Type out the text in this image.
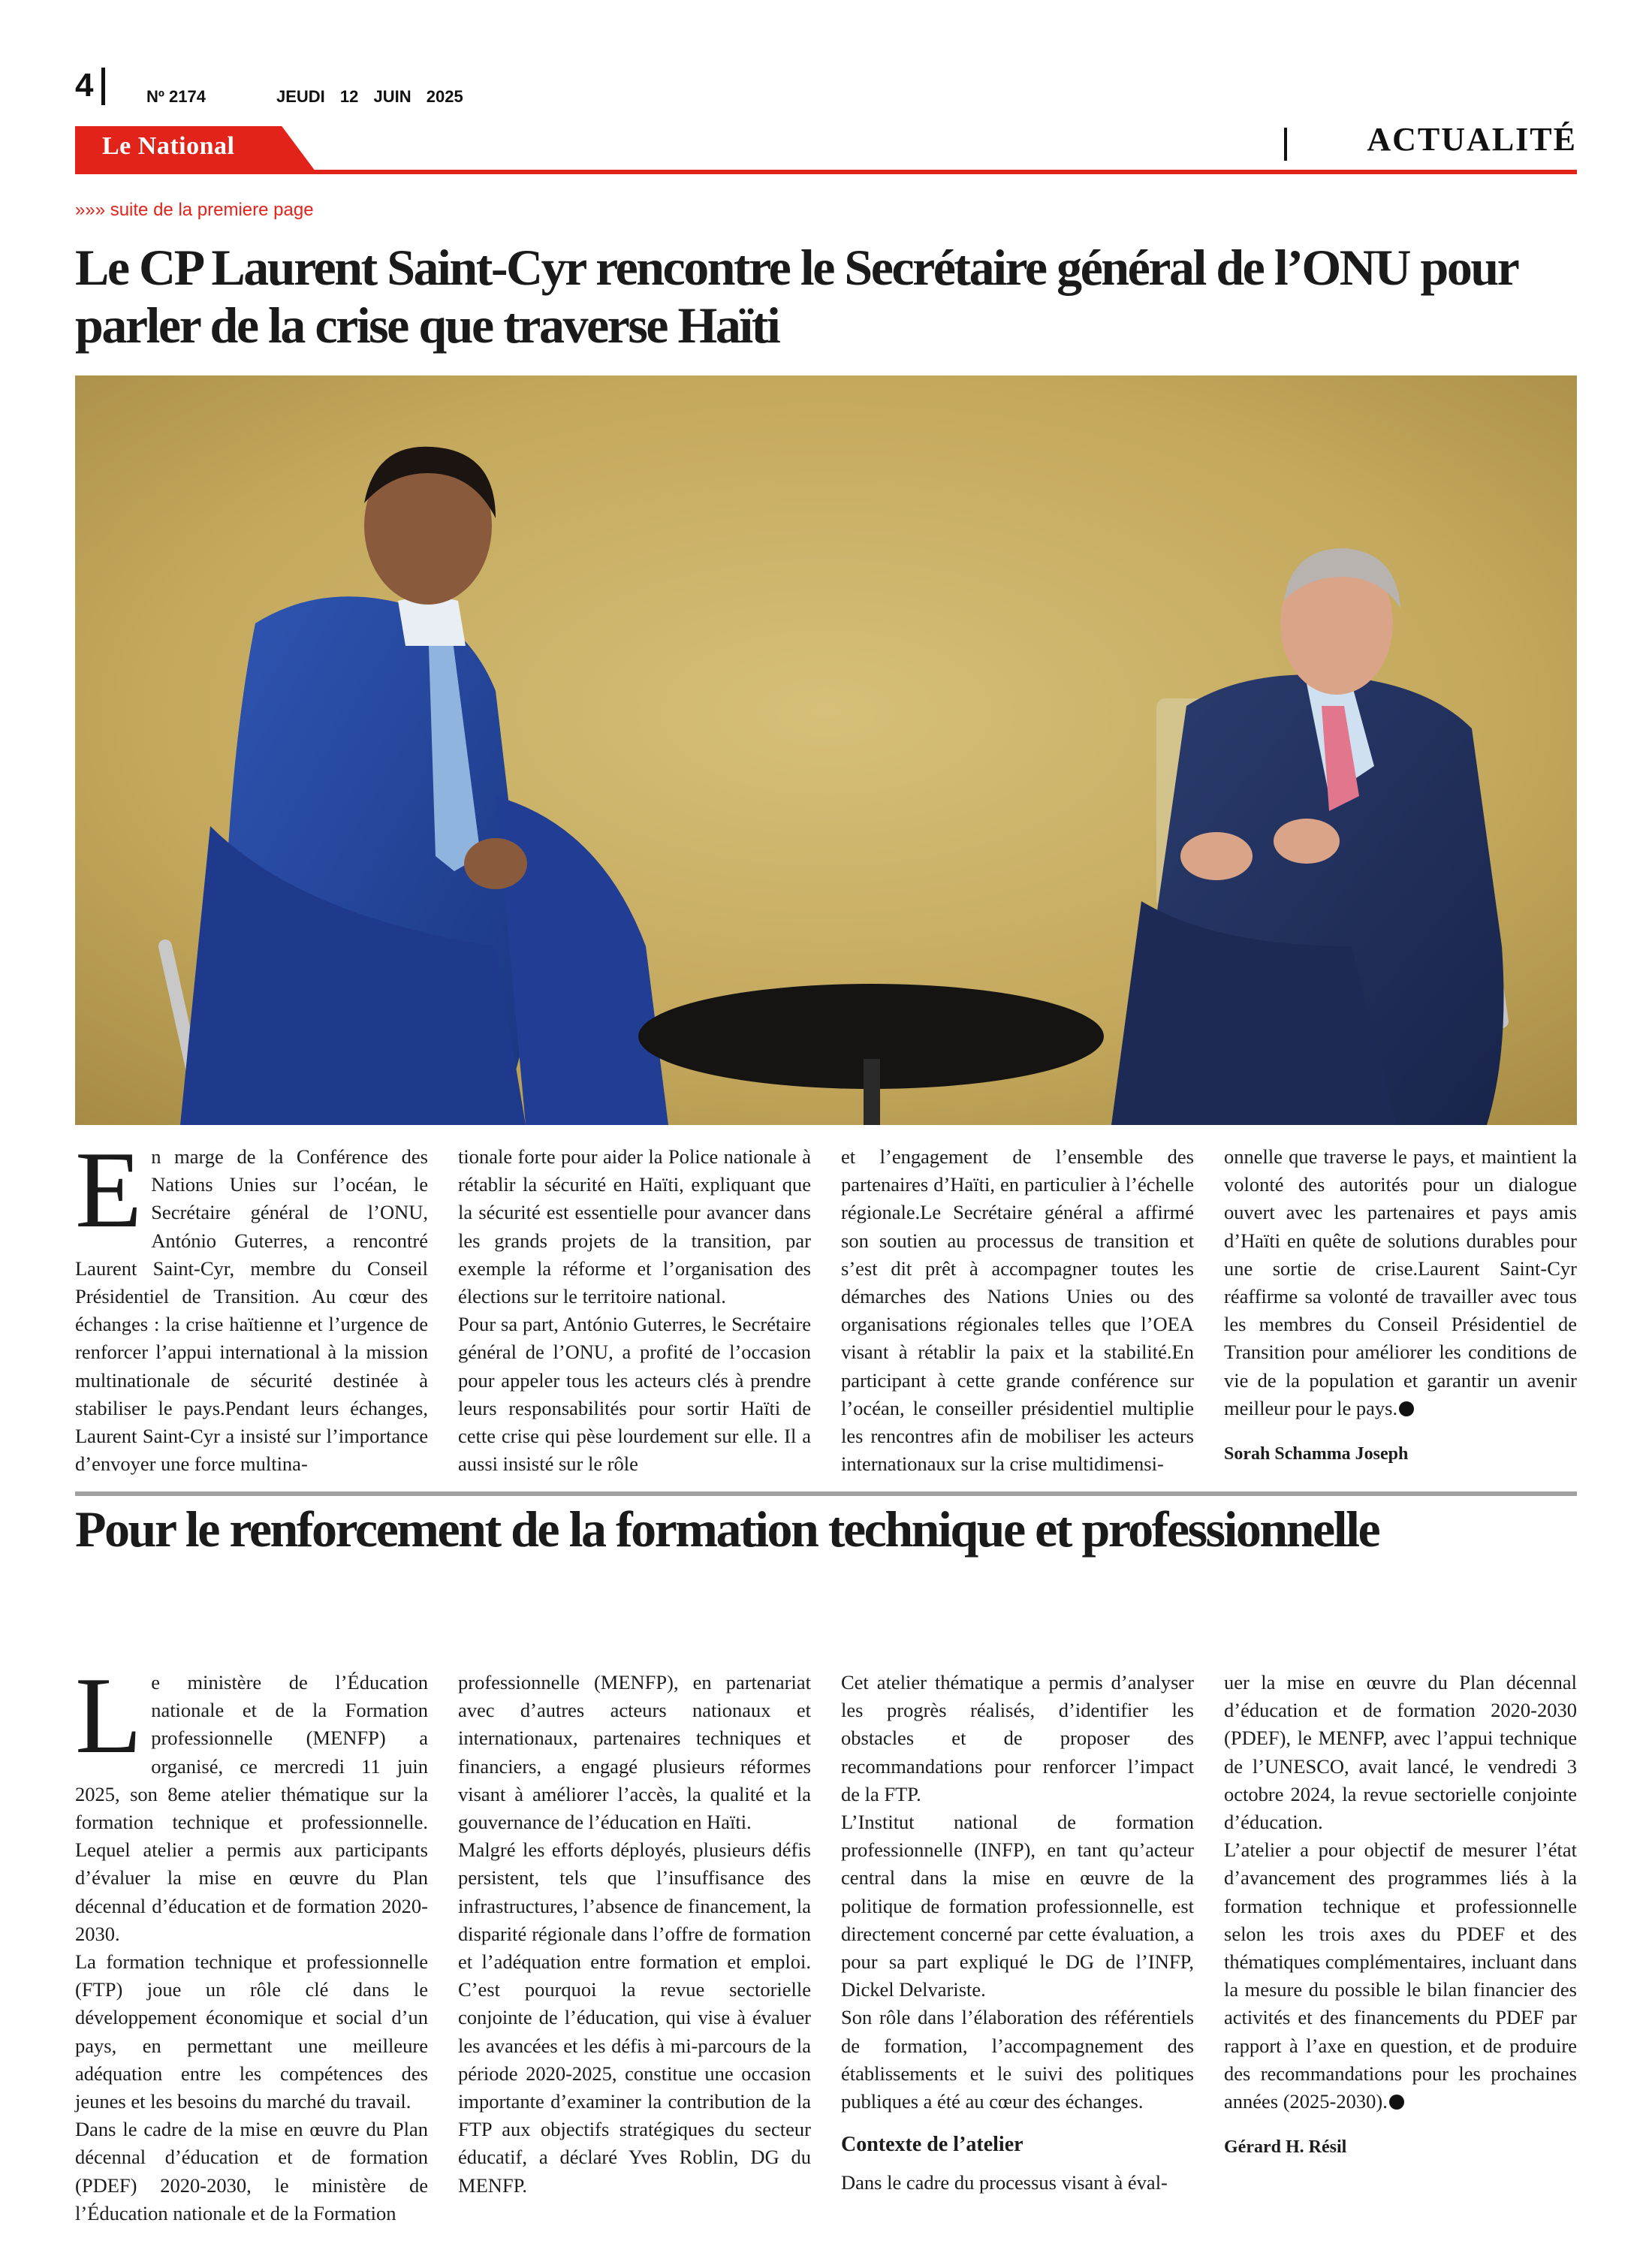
4	Nº 2174	JEUDI 12 JUIN 2025
Le National	ACTUALITÉ
»»» suite de la premiere page
Le CP Laurent Saint-Cyr rencontre le Secrétaire général de l’ONU pour parler de la crise que traverse Haïti
En marge de la Conférence des Nations Unies sur l’océan, le Secrétaire général de l’ONU, António Guterres, a rencontré Laurent Saint-Cyr, membre du Conseil Présidentiel de Transition. Au cœur des échanges : la crise haïtienne et l’urgence de renforcer l’appui international à la mission multinationale de sécurité destinée à stabiliser le pays.Pendant leurs échanges, Laurent Saint-Cyr a insisté sur l’importance d’envoyer une force multina-

tionale forte pour aider la Police nationale à rétablir la sécurité en Haïti, expliquant que la sécurité est essentielle pour avancer dans les grands projets de la transition, par exemple la réforme et l’organisation des élections sur le territoire national.

Pour sa part, António Guterres, le Secrétaire général de l’ONU, a profité de l’occasion pour appeler tous les acteurs clés à prendre leurs responsabilités pour sortir Haïti de cette crise qui pèse lourdement sur elle. Il a aussi insisté sur le rôle

et l’engagement de l’ensemble des partenaires d’Haïti, en particulier à l’échelle régionale.Le Secrétaire général a affirmé son soutien au processus de transition et s’est dit prêt à accompagner toutes les démarches des Nations Unies ou des organisations régionales telles que l’OEA visant à rétablir la paix et la stabilité.En participant à cette grande conférence sur l’océan, le conseiller présidentiel multiplie les rencontres afin de mobiliser les acteurs internationaux sur la crise multidimensi-

onnelle que traverse le pays, et maintient la volonté des autorités pour un dialogue ouvert avec les partenaires et pays amis d’Haïti en quête de solutions durables pour une sortie de crise.Laurent Saint-Cyr réaffirme sa volonté de travailler avec tous les membres du Conseil Présidentiel de Transition pour améliorer les conditions de vie de la population et garantir un avenir meilleur pour le pays.

Sorah Schamma Joseph

Pour le renforcement de la formation technique et professionnelle

Le ministère de l’Éducation nationale et de la Formation professionnelle (MENFP) a organisé, ce mercredi 11 juin 2025, son 8eme atelier thématique sur la formation technique et professionnelle. Lequel atelier a permis aux participants d’évaluer la mise en œuvre du Plan décennal d’éducation et de formation 2020-2030.

La formation technique et professionnelle (FTP) joue un rôle clé dans le développement économique et social d’un pays, en permettant une meilleure adéquation entre les compétences des jeunes et les besoins du marché du travail.

Dans le cadre de la mise en œuvre du Plan décennal d’éducation et de formation (PDEF) 2020-2030, le ministère de l’Éducation nationale et de la Formation

professionnelle (MENFP), en partenariat avec d’autres acteurs nationaux et internationaux, partenaires techniques et financiers, a engagé plusieurs réformes visant à améliorer l’accès, la qualité et la gouvernance de l’éducation en Haïti.

Malgré les efforts déployés, plusieurs défis persistent, tels que l’insuffisance des infrastructures, l’absence de financement, la disparité régionale dans l’offre de formation et l’adéquation entre formation et emploi. C’est pourquoi la revue sectorielle conjointe de l’éducation, qui vise à évaluer les avancées et les défis à mi-parcours de la période 2020-2025, constitue une occasion importante d’examiner la contribution de la FTP aux objectifs stratégiques du secteur éducatif, a déclaré Yves Roblin, DG du MENFP.

Cet atelier thématique a permis d’analyser les progrès réalisés, d’identifier les obstacles et de proposer des recommandations pour renforcer l’impact de la FTP.

L’Institut national de formation professionnelle (INFP), en tant qu’acteur central dans la mise en œuvre de la politique de formation professionnelle, est directement concerné par cette évaluation, a pour sa part expliqué le DG de l’INFP, Dickel Delvariste.

Son rôle dans l’élaboration des référentiels de formation, l’accompagnement des établissements et le suivi des politiques publiques a été au cœur des échanges.

Contexte de l’atelier

Dans le cadre du processus visant à éval-

uer la mise en œuvre du Plan décennal d’éducation et de formation 2020-2030 (PDEF), le MENFP, avec l’appui technique de l’UNESCO, avait lancé, le vendredi 3 octobre 2024, la revue sectorielle conjointe d’éducation.

L’atelier a pour objectif de mesurer l’état d’avancement des programmes liés à la formation technique et professionnelle selon les trois axes du PDEF et des thématiques complémentaires, incluant dans la mesure du possible le bilan financier des activités et des financements du PDEF par rapport à l’axe en question, et de produire des recommandations pour les prochaines années (2025-2030).

Gérard H. Résil
